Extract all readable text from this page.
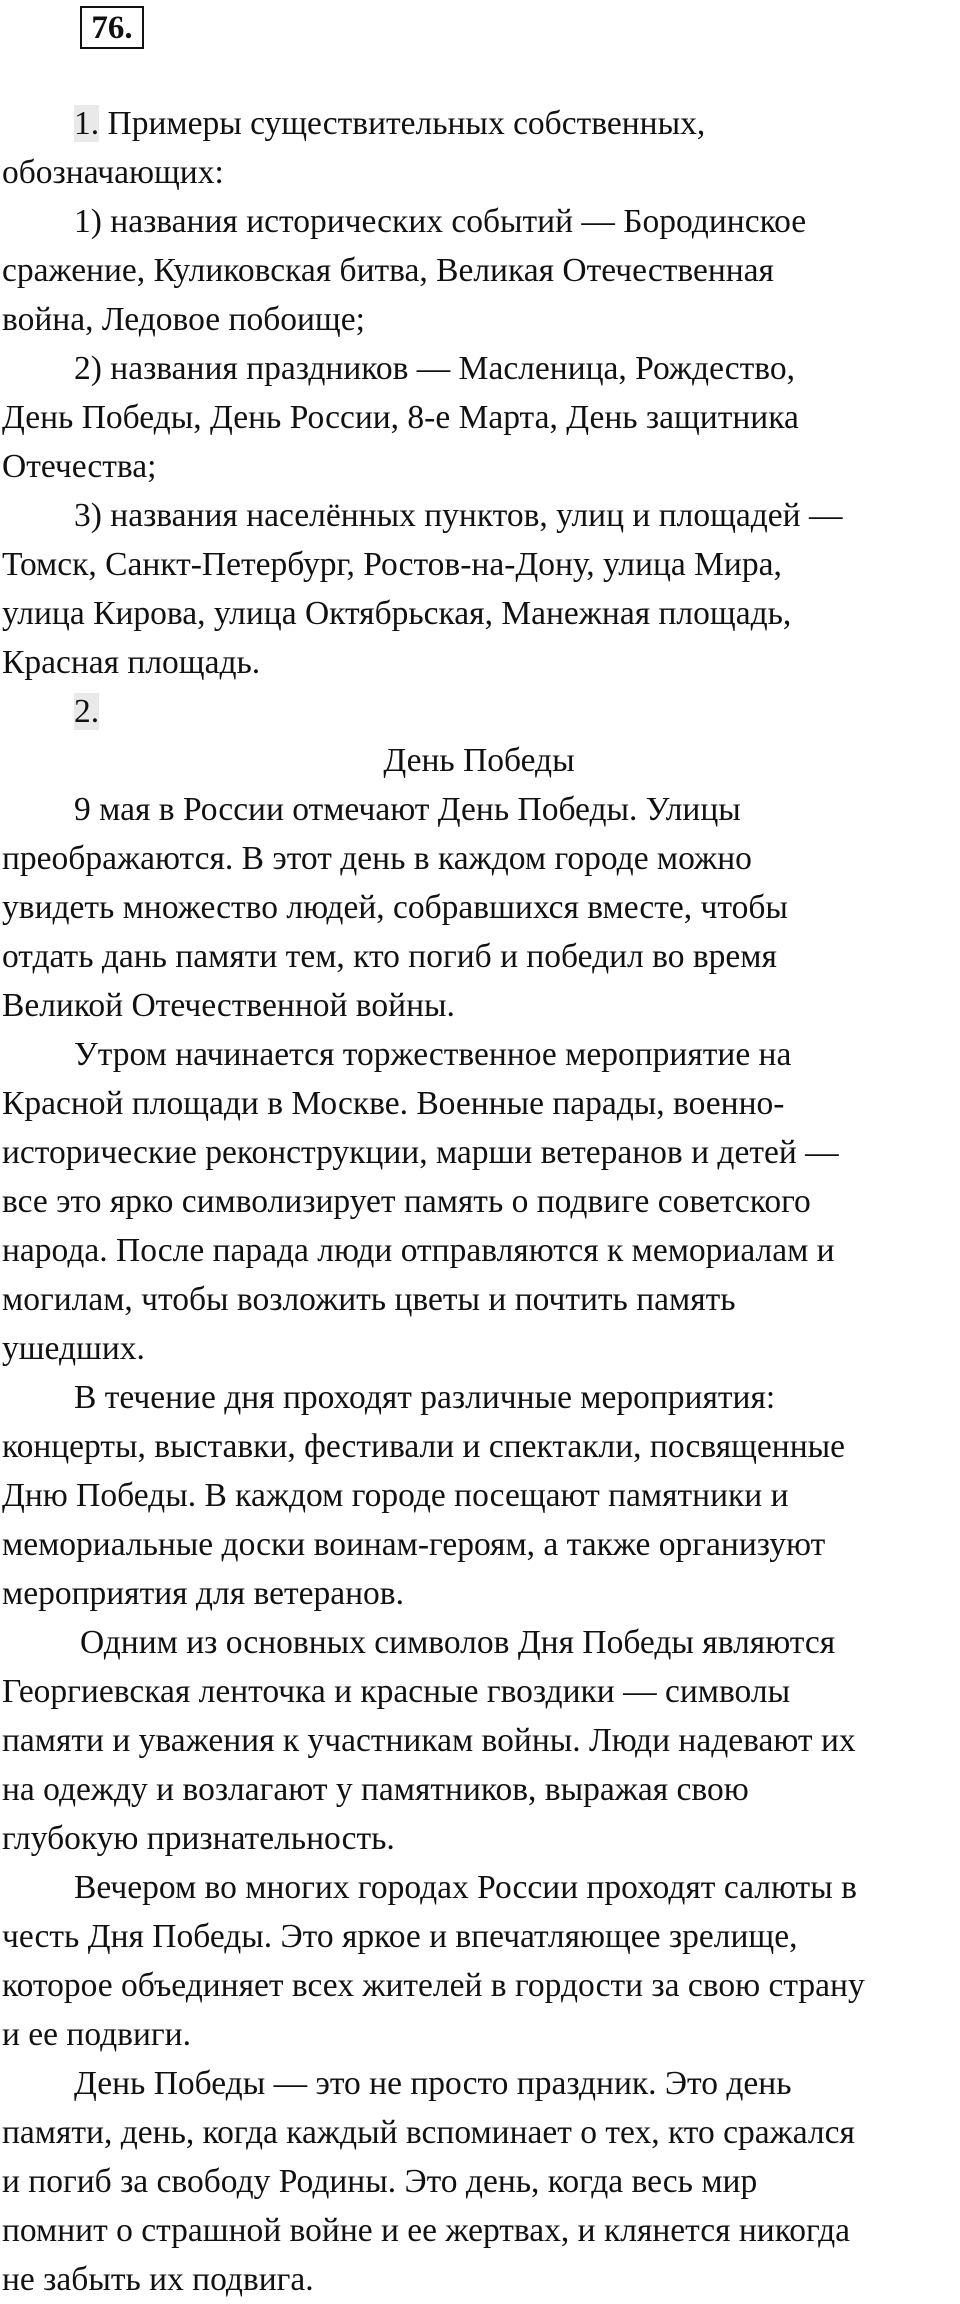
76.
1. Примеры существительных собственных,
обозначающих:
1) названия исторических событий — Бородинское
сражение, Куликовская битва, Великая Отечественная
война, Ледовое побоище;
2) названия праздников — Масленица, Рождество,
День Победы, День России, 8-е Марта, День защитника
Отечества;
3) названия населённых пунктов, улиц и площадей —
Томск, Санкт-Петербург, Ростов-на-Дону, улица Мира,
улица Кирова, улица Октябрьская, Манежная площадь,
Красная площадь.
2.
День Победы
9 мая в России отмечают День Победы. Улицы
преображаются. В этот день в каждом городе можно
увидеть множество людей, собравшихся вместе, чтобы
отдать дань памяти тем, кто погиб и победил во время
Великой Отечественной войны.
Утром начинается торжественное мероприятие на
Красной площади в Москве. Военные парады, военно-
исторические реконструкции, марши ветеранов и детей —
все это ярко символизирует память о подвиге советского
народа. После парада люди отправляются к мемориалам и
могилам, чтобы возложить цветы и почтить память
ушедших.
В течение дня проходят различные мероприятия:
концерты, выставки, фестивали и спектакли, посвященные
Дню Победы. В каждом городе посещают памятники и
мемориальные доски воинам-героям, а также организуют
мероприятия для ветеранов.
Одним из основных символов Дня Победы являются
Георгиевская ленточка и красные гвоздики — символы
памяти и уважения к участникам войны. Люди надевают их
на одежду и возлагают у памятников, выражая свою
глубокую признательность.
Вечером во многих городах России проходят салюты в
честь Дня Победы. Это яркое и впечатляющее зрелище,
которое объединяет всех жителей в гордости за свою страну
и ее подвиги.
День Победы — это не просто праздник. Это день
памяти, день, когда каждый вспоминает о тех, кто сражался
и погиб за свободу Родины. Это день, когда весь мир
помнит о страшной войне и ее жертвах, и клянется никогда
не забыть их подвига.
